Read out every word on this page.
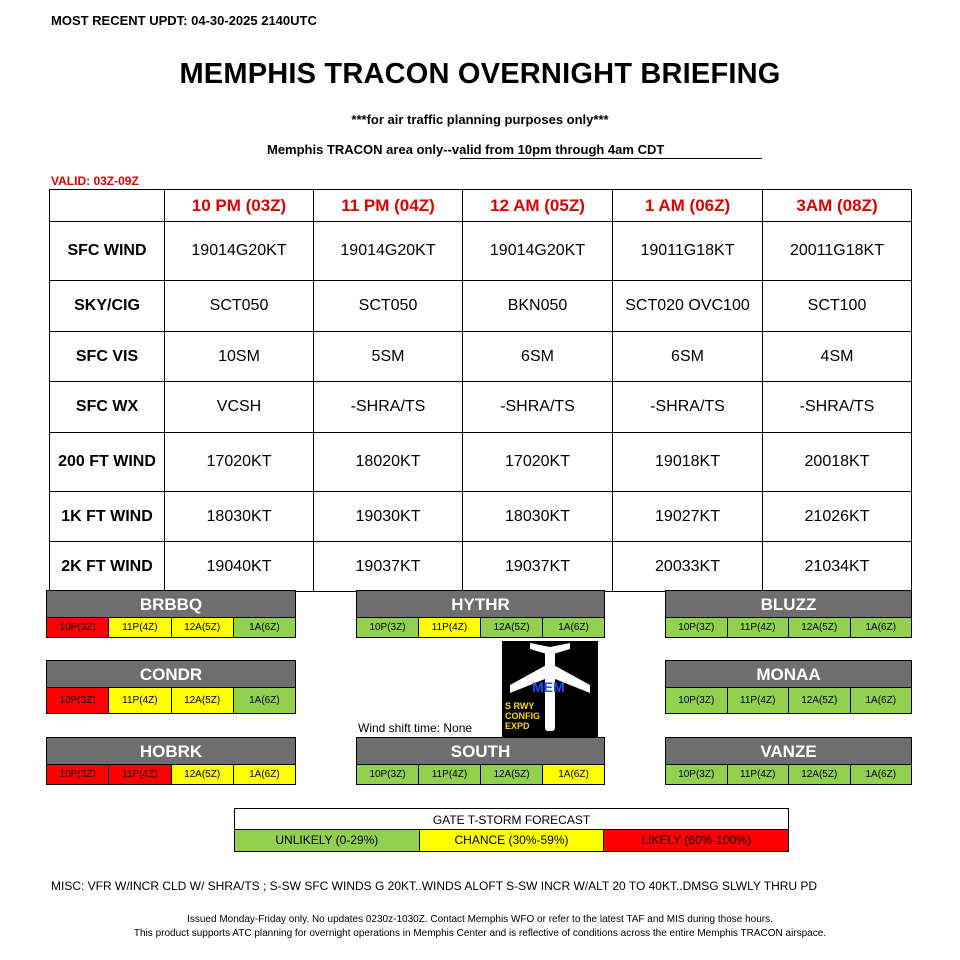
MOST RECENT UPDT: 04-30-2025 2140UTC
MEMPHIS TRACON OVERNIGHT BRIEFING
***for air traffic planning purposes only***
Memphis TRACON area only--valid from 10pm through 4am CDT
VALID: 03Z-09Z
	10 PM (03Z)	11 PM (04Z)	12 AM (05Z)	1 AM (06Z)	3AM (08Z)
SFC WIND	19014G20KT	19014G20KT	19014G20KT	19011G18KT	20011G18KT
SKY/CIG	SCT050	SCT050	BKN050	SCT020 OVC100	SCT100
SFC VIS	10SM	5SM	6SM	6SM	4SM
SFC WX	VCSH	-SHRA/TS	-SHRA/TS	-SHRA/TS	-SHRA/TS
200 FT WIND	17020KT	18020KT	17020KT	19018KT	20018KT
1K FT WIND	18030KT	19030KT	18030KT	19027KT	21026KT
2K FT WIND	19040KT	19037KT	19037KT	20033KT	21034KT
BRBBQ
10P(3Z)	11P(4Z)	12A(5Z)	1A(6Z)
HYTHR
10P(3Z)	11P(4Z)	12A(5Z)	1A(6Z)
BLUZZ
10P(3Z)	11P(4Z)	12A(5Z)	1A(6Z)
CONDR
10P(3Z)	11P(4Z)	12A(5Z)	1A(6Z)
MONAA
10P(3Z)	11P(4Z)	12A(5Z)	1A(6Z)
HOBRK
10P(3Z)	11P(4Z)	12A(5Z)	1A(6Z)
SOUTH
10P(3Z)	11P(4Z)	12A(5Z)	1A(6Z)
VANZE
10P(3Z)	11P(4Z)	12A(5Z)	1A(6Z)
Wind shift time: None
MEM
S RWY
CONFIG
EXPD
GATE T-STORM FORECAST
UNLIKELY (0-29%)	CHANCE (30%-59%)	LIKELY (60%-100%)
MISC: VFR W/INCR CLD W/ SHRA/TS ; S-SW SFC WINDS G 20KT..WINDS ALOFT S-SW INCR W/ALT 20 TO 40KT..DMSG SLWLY THRU PD
Issued Monday-Friday only. No updates 0230z-1030Z. Contact Memphis WFO or refer to the latest TAF and MIS during those hours.
This product supports ATC planning for overnight operations in Memphis Center and is reflective of conditions across the entire Memphis TRACON airspace.
